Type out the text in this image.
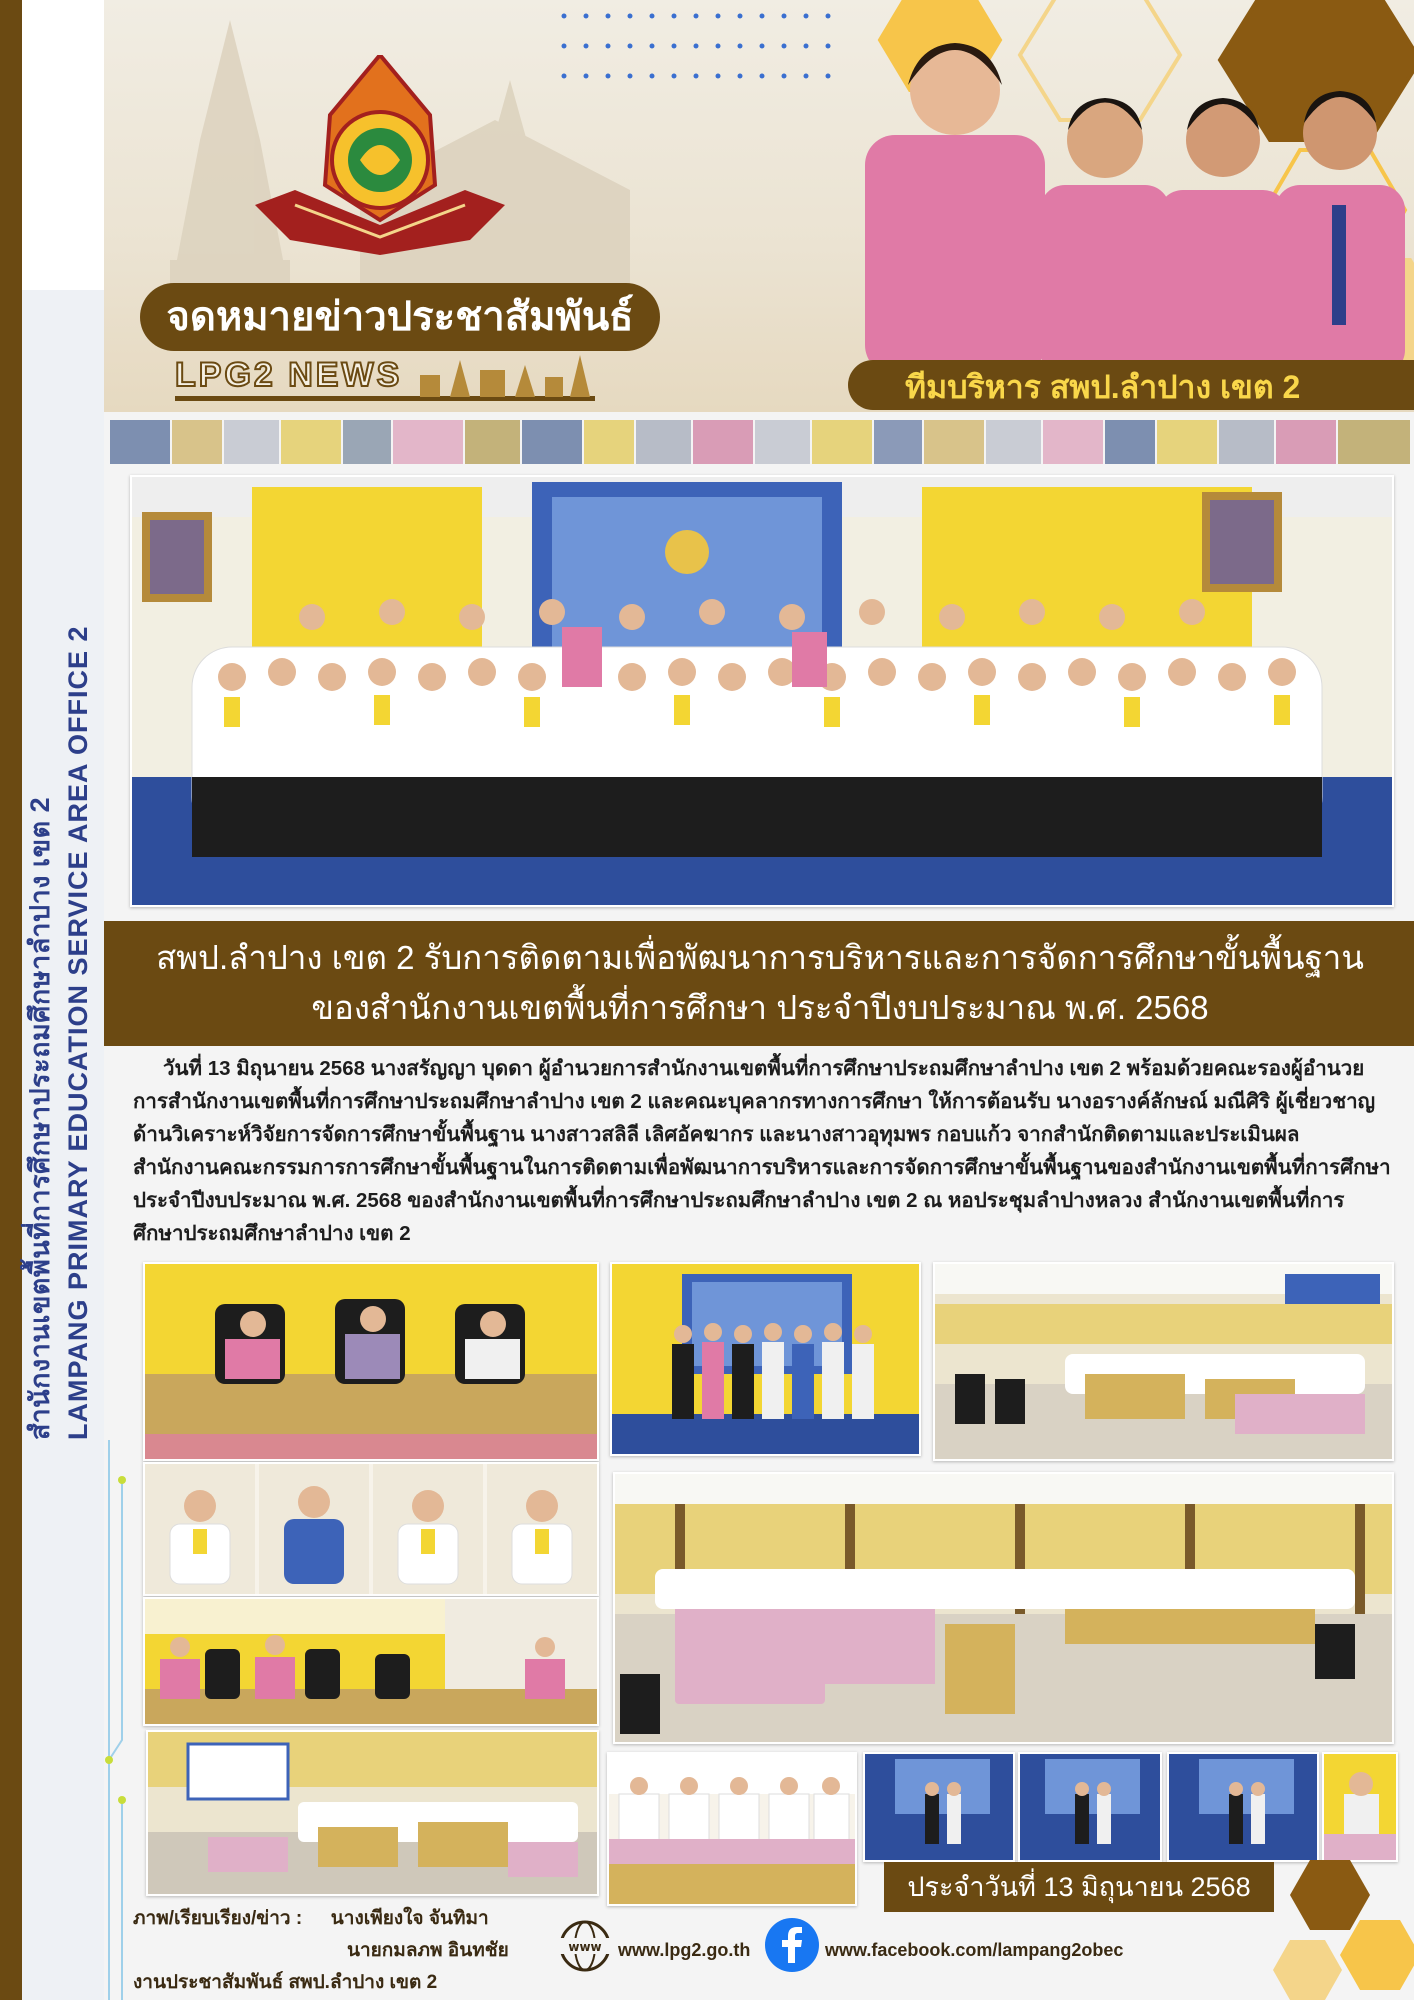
สำนักงานเขตพื้นที่การศึกษาประถมศึกษาลำปาง เขต 2 LAMPANG PRIMARY EDUCATION SERVICE AREA OFFICE 2
จดหมายข่าวประชาสัมพันธ์
LPG2 NEWS	ทีมบริหาร สพป.ลำปาง เขต 2
สพป.ลำปาง เขต 2 รับการติดตามเพื่อพัฒนาการบริหารและการจัดการศึกษาขั้นพื้นฐาน
ของสำนักงานเขตพื้นที่การศึกษา ประจำปีงบประมาณ พ.ศ. 2568
วันที่ 13 มิถุนายน 2568 นางสรัญญา บุดดา ผู้อำนวยการสำนักงานเขตพื้นที่การศึกษาประถมศึกษาลำปาง เขต 2 พร้อมด้วยคณะรองผู้อำนวยการสำนักงานเขตพื้นที่การศึกษาประถมศึกษาลำปาง เขต 2 และคณะบุคลากรทางการศึกษา ให้การต้อนรับ นางอรางค์ลักษณ์ มณีศิริ ผู้เชี่ยวชาญด้านวิเคราะห์วิจัยการจัดการศึกษาขั้นพื้นฐาน นางสาวสลิลี เลิศอัคฆากร และนางสาวอุทุมพร กอบแก้ว จากสำนักติดตามและประเมินผล สำนักงานคณะกรรมการการศึกษาขั้นพื้นฐานในการติดตามเพื่อพัฒนาการบริหารและการจัดการศึกษาขั้นพื้นฐานของสำนักงานเขตพื้นที่การศึกษา ประจำปีงบประมาณ พ.ศ. 2568 ของสำนักงานเขตพื้นที่การศึกษาประถมศึกษาลำปาง เขต 2 ณ หอประชุมลำปางหลวง สำนักงานเขตพื้นที่การศึกษาประถมศึกษาลำปาง เขต 2
ประจำวันที่ 13 มิถุนายน 2568
ภาพ/เรียบเรียง/ข่าว : นางเพียงใจ จันทิมา
นายกมลภพ อินทชัย
งานประชาสัมพันธ์ สพป.ลำปาง เขต 2
www www.lpg2.go.th	www.facebook.com/lampang2obec
